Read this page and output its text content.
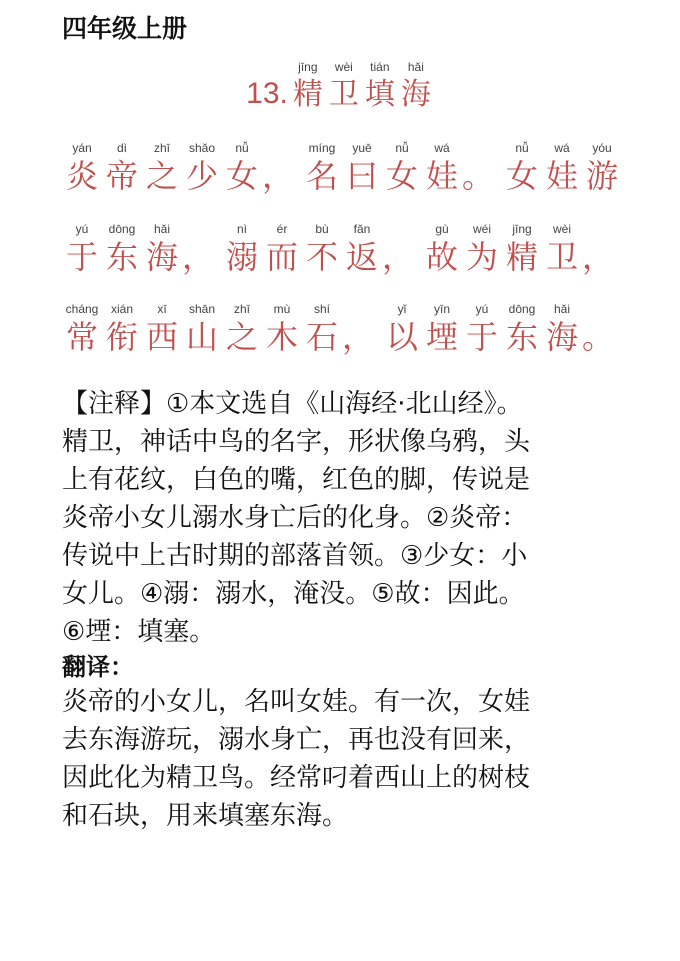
四年级上册
13.
jīng
精
wèi
卫
tián
填
hǎi
海
yán
炎
dì
帝
zhī
之
shǎo
少
nǚ
女 ，
míng
名
yuē
曰
nǚ
女
wá
娃 。
nǚ
女
wá
娃
yóu
游
yú
于
dōng
东
hǎi
海 ，
nì
溺
ér
而
bù
不
fǎn
返 ，
gù
故
wéi
为
jīng
精
wèi
卫 ，
cháng
常
xián
衔
xī
西
shān
山
zhī
之
mù
木
shí
石 ，
yǐ
以
yīn
堙
yú
于
dōng
东
hǎi
海 。

【注释】①本文选自《山海经·北山经》。

精卫，神话中鸟的名字，形状像乌鸦，头

上有花纹，白色的嘴，红色的脚，传说是

炎帝小女儿溺水身亡后的化身。②炎帝：

传说中上古时期的部落首领。③少女：小

女儿。④溺：溺水，淹没。⑤故：因此。

⑥堙：填塞。

翻译：

炎帝的小女儿，名叫女娃。有一次，女娃

去东海游玩，溺水身亡，再也没有回来，

因此化为精卫鸟。经常叼着西山上的树枝

和石块，用来填塞东海。
